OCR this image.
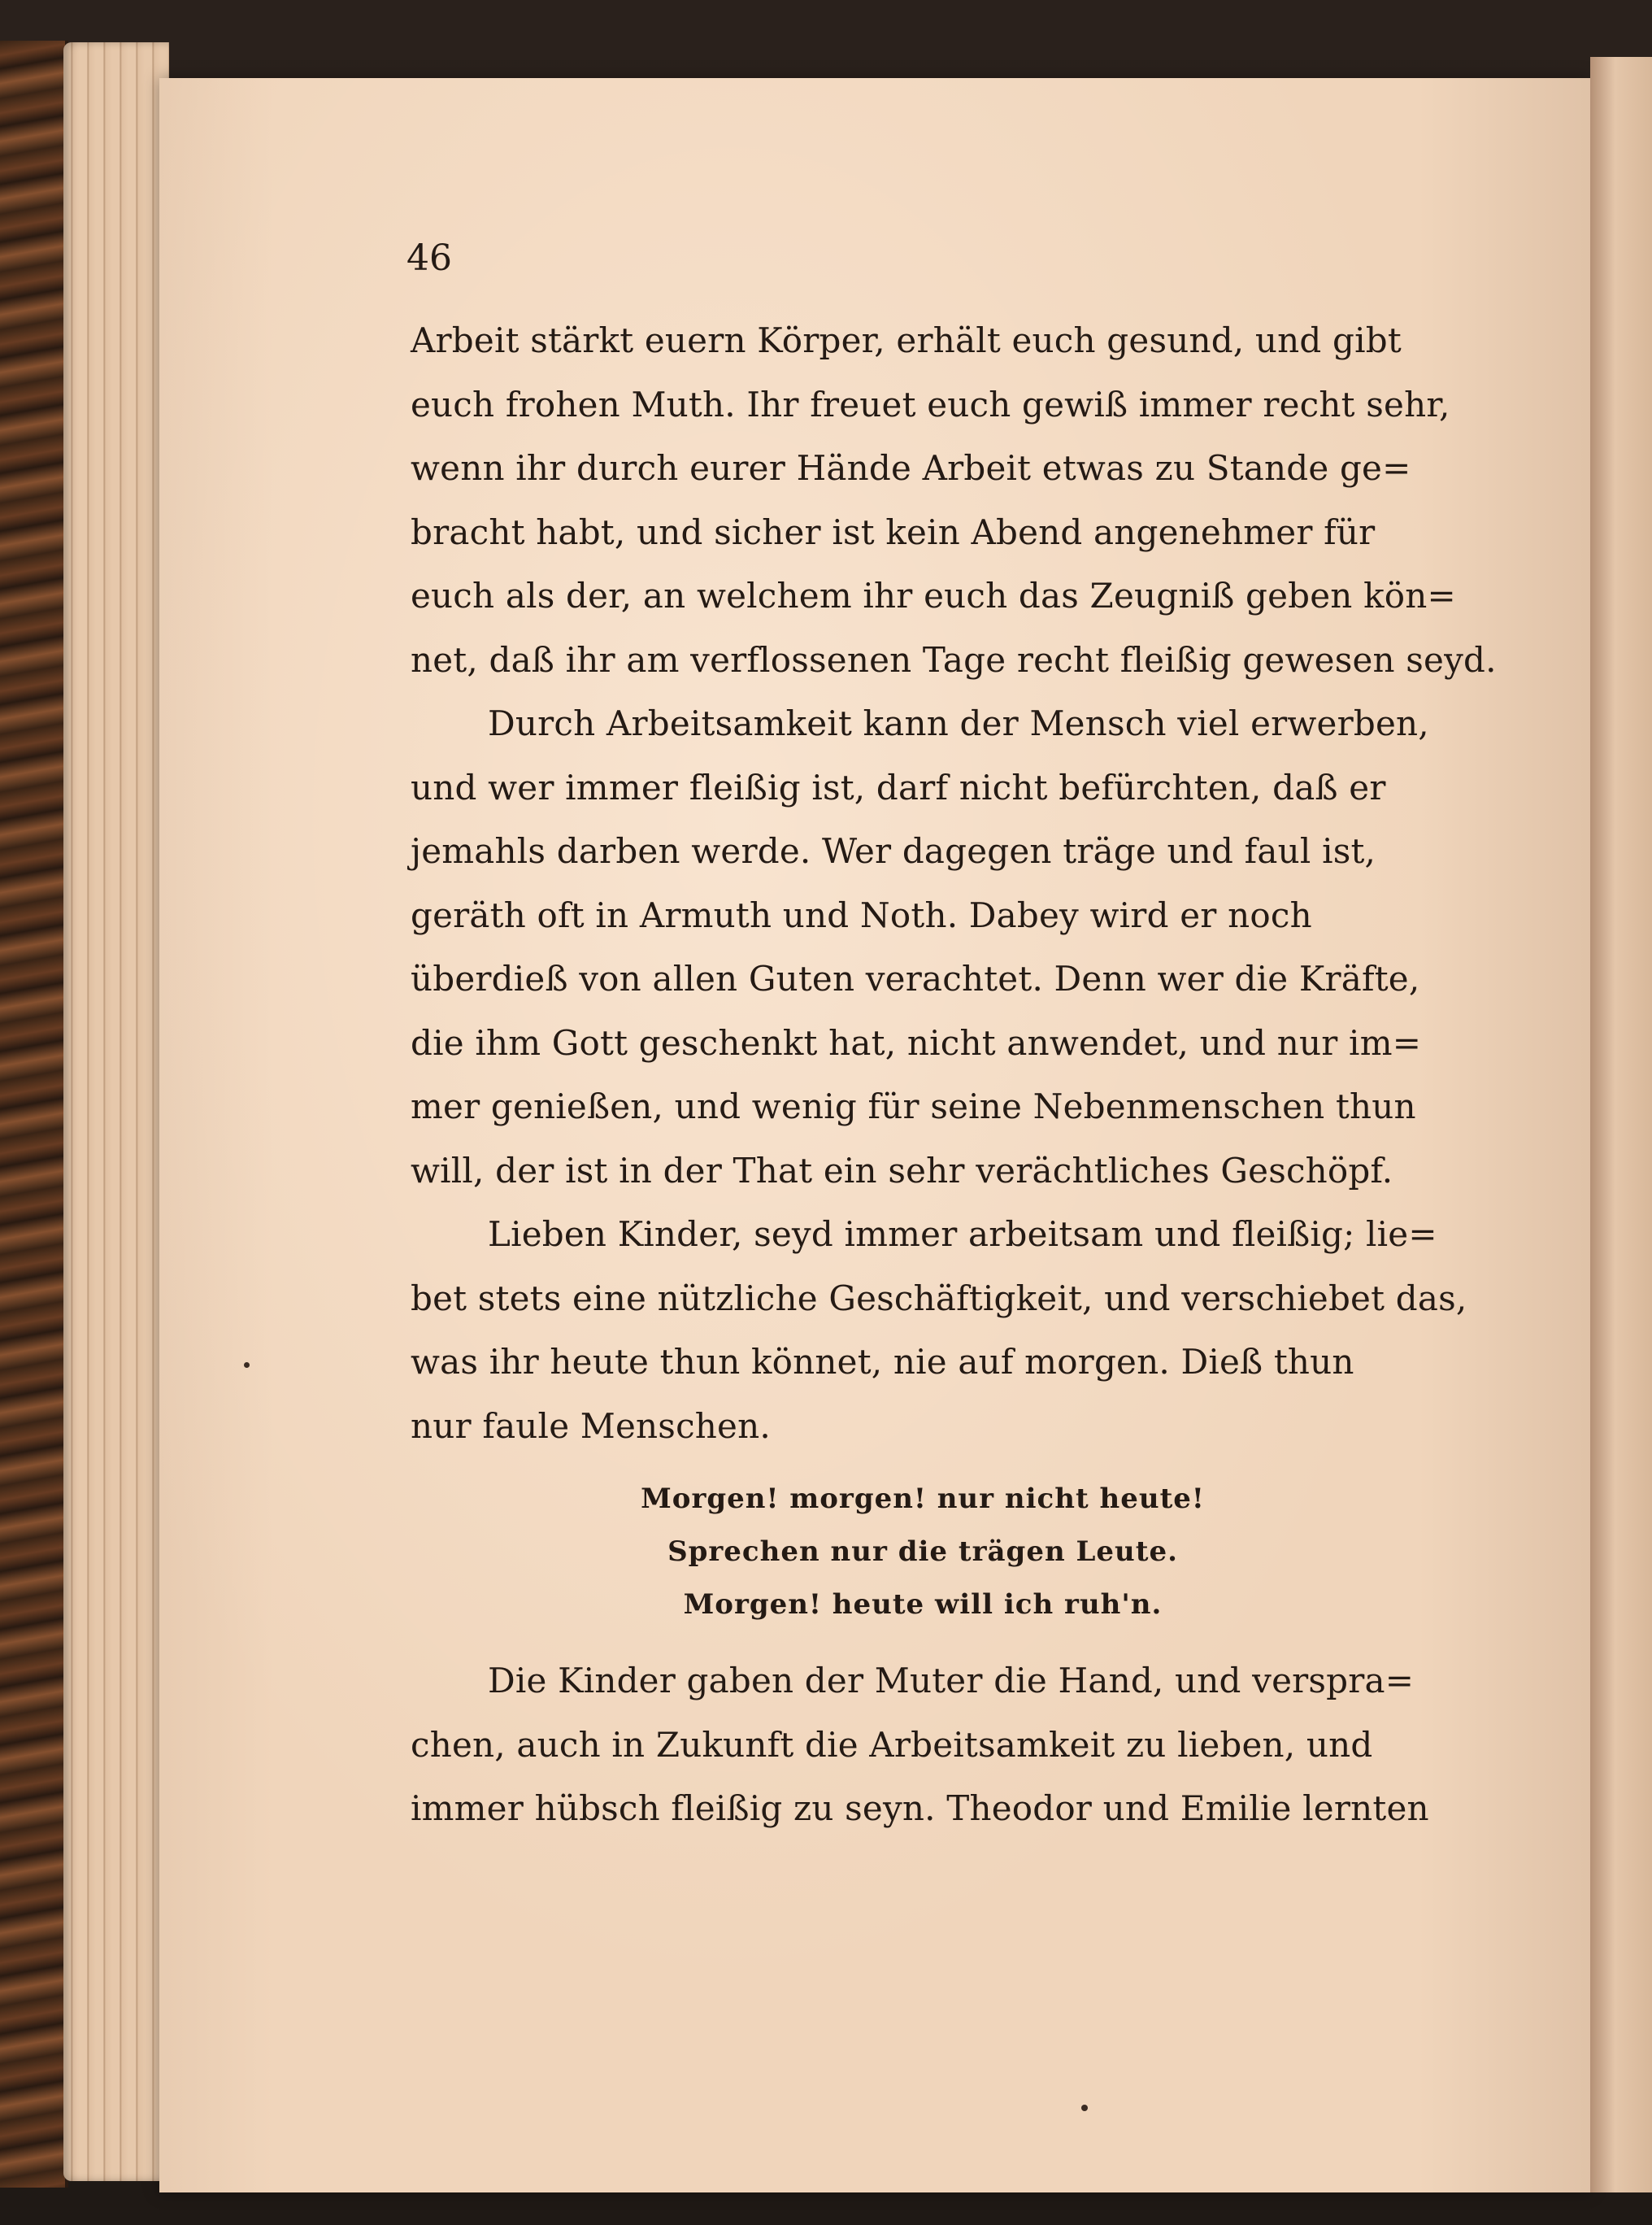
46
Arbeit stärkt euern Körper, erhält euch gesund, und gibt
euch frohen Muth. Ihr freuet euch gewiß immer recht sehr,
wenn ihr durch eurer Hände Arbeit etwas zu Stande ge=
bracht habt, und sicher ist kein Abend angenehmer für
euch als der, an welchem ihr euch das Zeugniß geben kön=
net, daß ihr am verflossenen Tage recht fleißig gewesen seyd.
Durch Arbeitsamkeit kann der Mensch viel erwerben,
und wer immer fleißig ist, darf nicht befürchten, daß er
jemahls darben werde. Wer dagegen träge und faul ist,
geräth oft in Armuth und Noth. Dabey wird er noch
überdieß von allen Guten verachtet. Denn wer die Kräfte,
die ihm Gott geschenkt hat, nicht anwendet, und nur im=
mer genießen, und wenig für seine Nebenmenschen thun
will, der ist in der That ein sehr verächtliches Geschöpf.
Lieben Kinder, seyd immer arbeitsam und fleißig; lie=
bet stets eine nützliche Geschäftigkeit, und verschiebet das,
was ihr heute thun könnet, nie auf morgen. Dieß thun
nur faule Menschen.
Morgen! morgen! nur nicht heute!
Sprechen nur die trägen Leute.
Morgen! heute will ich ruh'n.
Die Kinder gaben der Muter die Hand, und verspra=
chen, auch in Zukunft die Arbeitsamkeit zu lieben, und
immer hübsch fleißig zu seyn. Theodor und Emilie lernten
